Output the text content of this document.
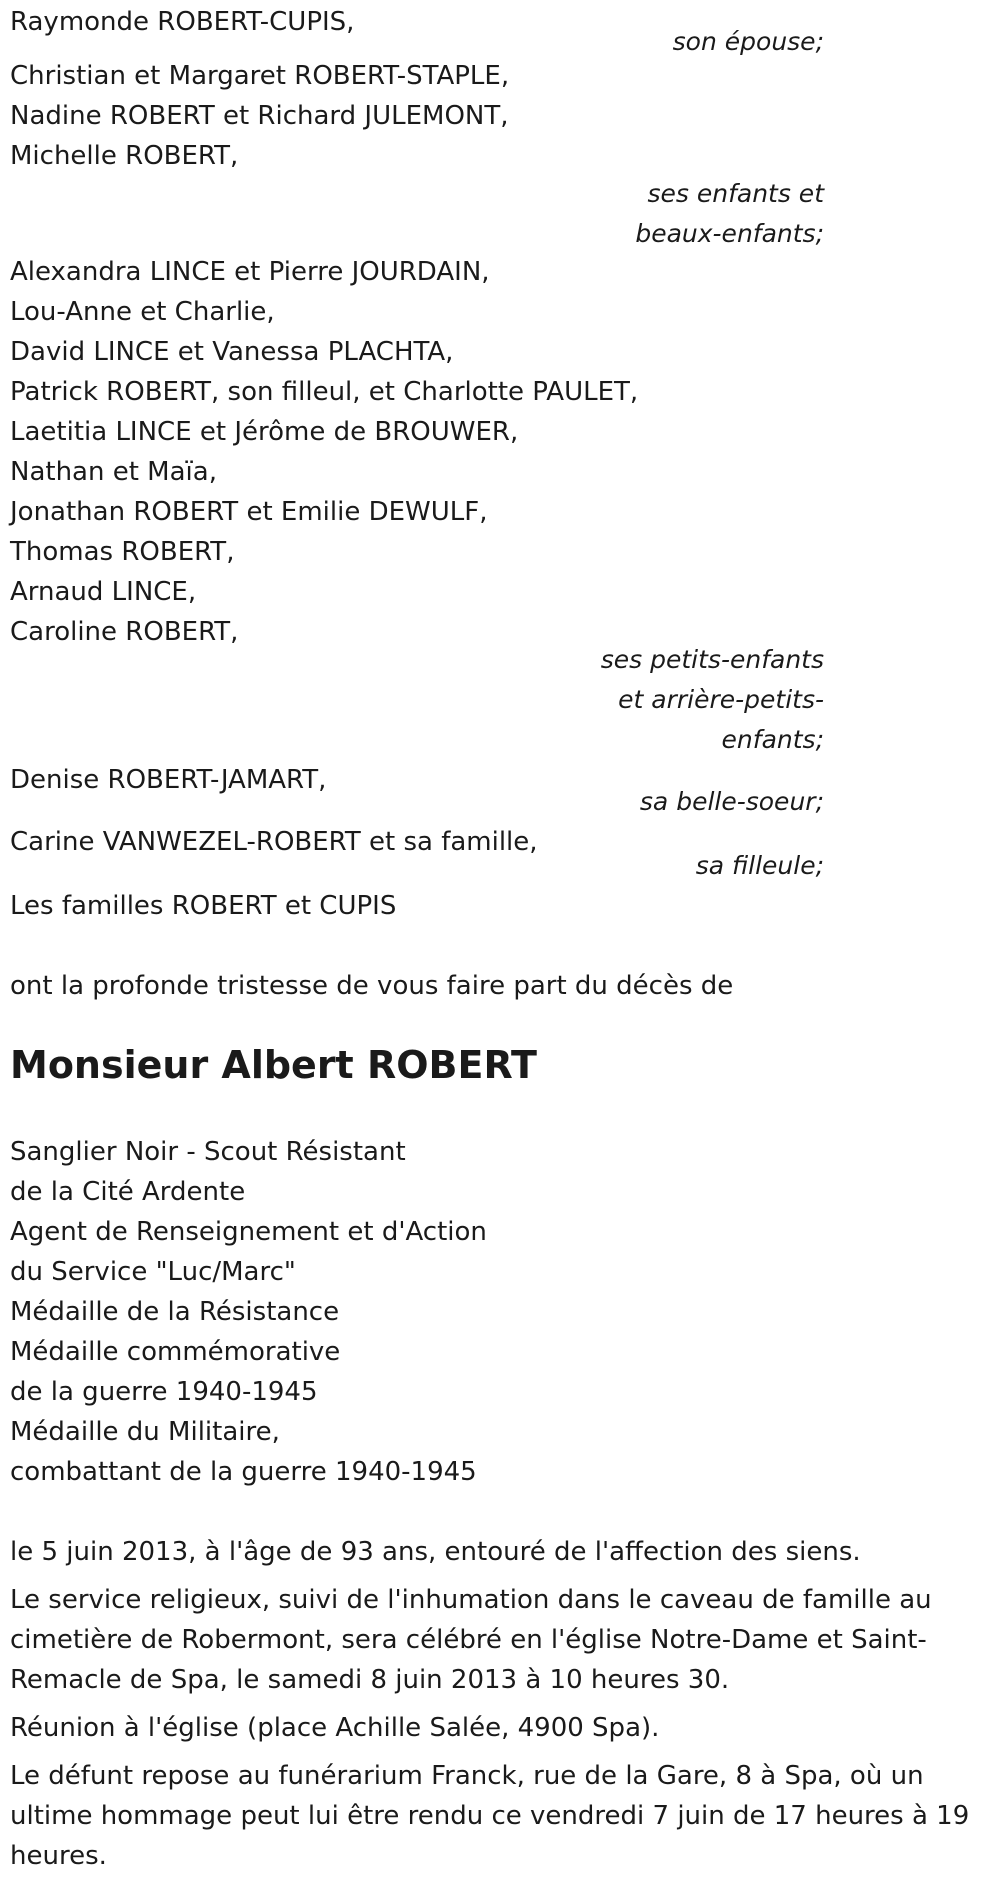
Raymonde ROBERT-CUPIS,
son épouse;
Christian et Margaret ROBERT-STAPLE,
Nadine ROBERT et Richard JULEMONT,
Michelle ROBERT,
ses enfants et
beaux-enfants;
Alexandra LINCE et Pierre JOURDAIN,
Lou-Anne et Charlie,
David LINCE et Vanessa PLACHTA,
Patrick ROBERT, son filleul, et Charlotte PAULET,
Laetitia LINCE et Jérôme de BROUWER,
Nathan et Maïa,
Jonathan ROBERT et Emilie DEWULF,
Thomas ROBERT,
Arnaud LINCE,
Caroline ROBERT,
ses petits-enfants
et arrière-petits-
enfants;
Denise ROBERT-JAMART,
sa belle-soeur;
Carine VANWEZEL-ROBERT et sa famille,
sa filleule;
Les familles ROBERT et CUPIS
ont la profonde tristesse de vous faire part du décès de
Monsieur Albert ROBERT
Sanglier Noir - Scout Résistant
de la Cité Ardente
Agent de Renseignement et d'Action
du Service "Luc/Marc"
Médaille de la Résistance
Médaille commémorative
de la guerre 1940-1945
Médaille du Militaire,
combattant de la guerre 1940-1945
le 5 juin 2013, à l'âge de 93 ans, entouré de l'affection des siens.
Le service religieux, suivi de l'inhumation dans le caveau de famille au
cimetière de Robermont, sera célébré en l'église Notre-Dame et Saint-
Remacle de Spa, le samedi 8 juin 2013 à 10 heures 30.
Réunion à l'église (place Achille Salée, 4900 Spa).
Le défunt repose au funérarium Franck, rue de la Gare, 8 à Spa, où un
ultime hommage peut lui être rendu ce vendredi 7 juin de 17 heures à 19
heures.
